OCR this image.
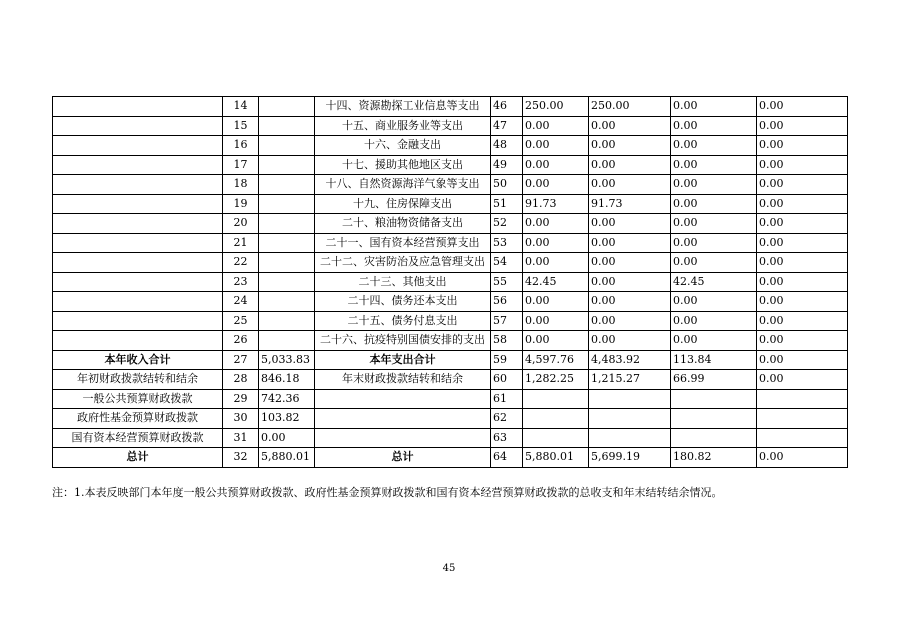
	14		十四、资源勘探工业信息等支出	46	250.00	250.00	0.00	0.00
	15		十五、商业服务业等支出	47	0.00	0.00	0.00	0.00
	16		十六、金融支出	48	0.00	0.00	0.00	0.00
	17		十七、援助其他地区支出	49	0.00	0.00	0.00	0.00
	18		十八、自然资源海洋气象等支出	50	0.00	0.00	0.00	0.00
	19		十九、住房保障支出	51	91.73	91.73	0.00	0.00
	20		二十、粮油物资储备支出	52	0.00	0.00	0.00	0.00
	21		二十一、国有资本经营预算支出	53	0.00	0.00	0.00	0.00
	22		二十二、灾害防治及应急管理支出	54	0.00	0.00	0.00	0.00
	23		二十三、其他支出	55	42.45	0.00	42.45	0.00
	24		二十四、债务还本支出	56	0.00	0.00	0.00	0.00
	25		二十五、债务付息支出	57	0.00	0.00	0.00	0.00
	26		二十六、抗疫特别国债安排的支出	58	0.00	0.00	0.00	0.00
本年收入合计	27	5,033.83	本年支出合计	59	4,597.76	4,483.92	113.84	0.00
年初财政拨款结转和结余	28	846.18	年末财政拨款结转和结余	60	1,282.25	1,215.27	66.99	0.00
一般公共预算财政拨款	29	742.36		61				
政府性基金预算财政拨款	30	103.82		62				
国有资本经营预算财政拨款	31	0.00		63				
总计	32	5,880.01	总计	64	5,880.01	5,699.19	180.82	0.00
注：1.本表反映部门本年度一般公共预算财政拨款、政府性基金预算财政拨款和国有资本经营预算财政拨款的总收支和年末结转结余情况。
45
